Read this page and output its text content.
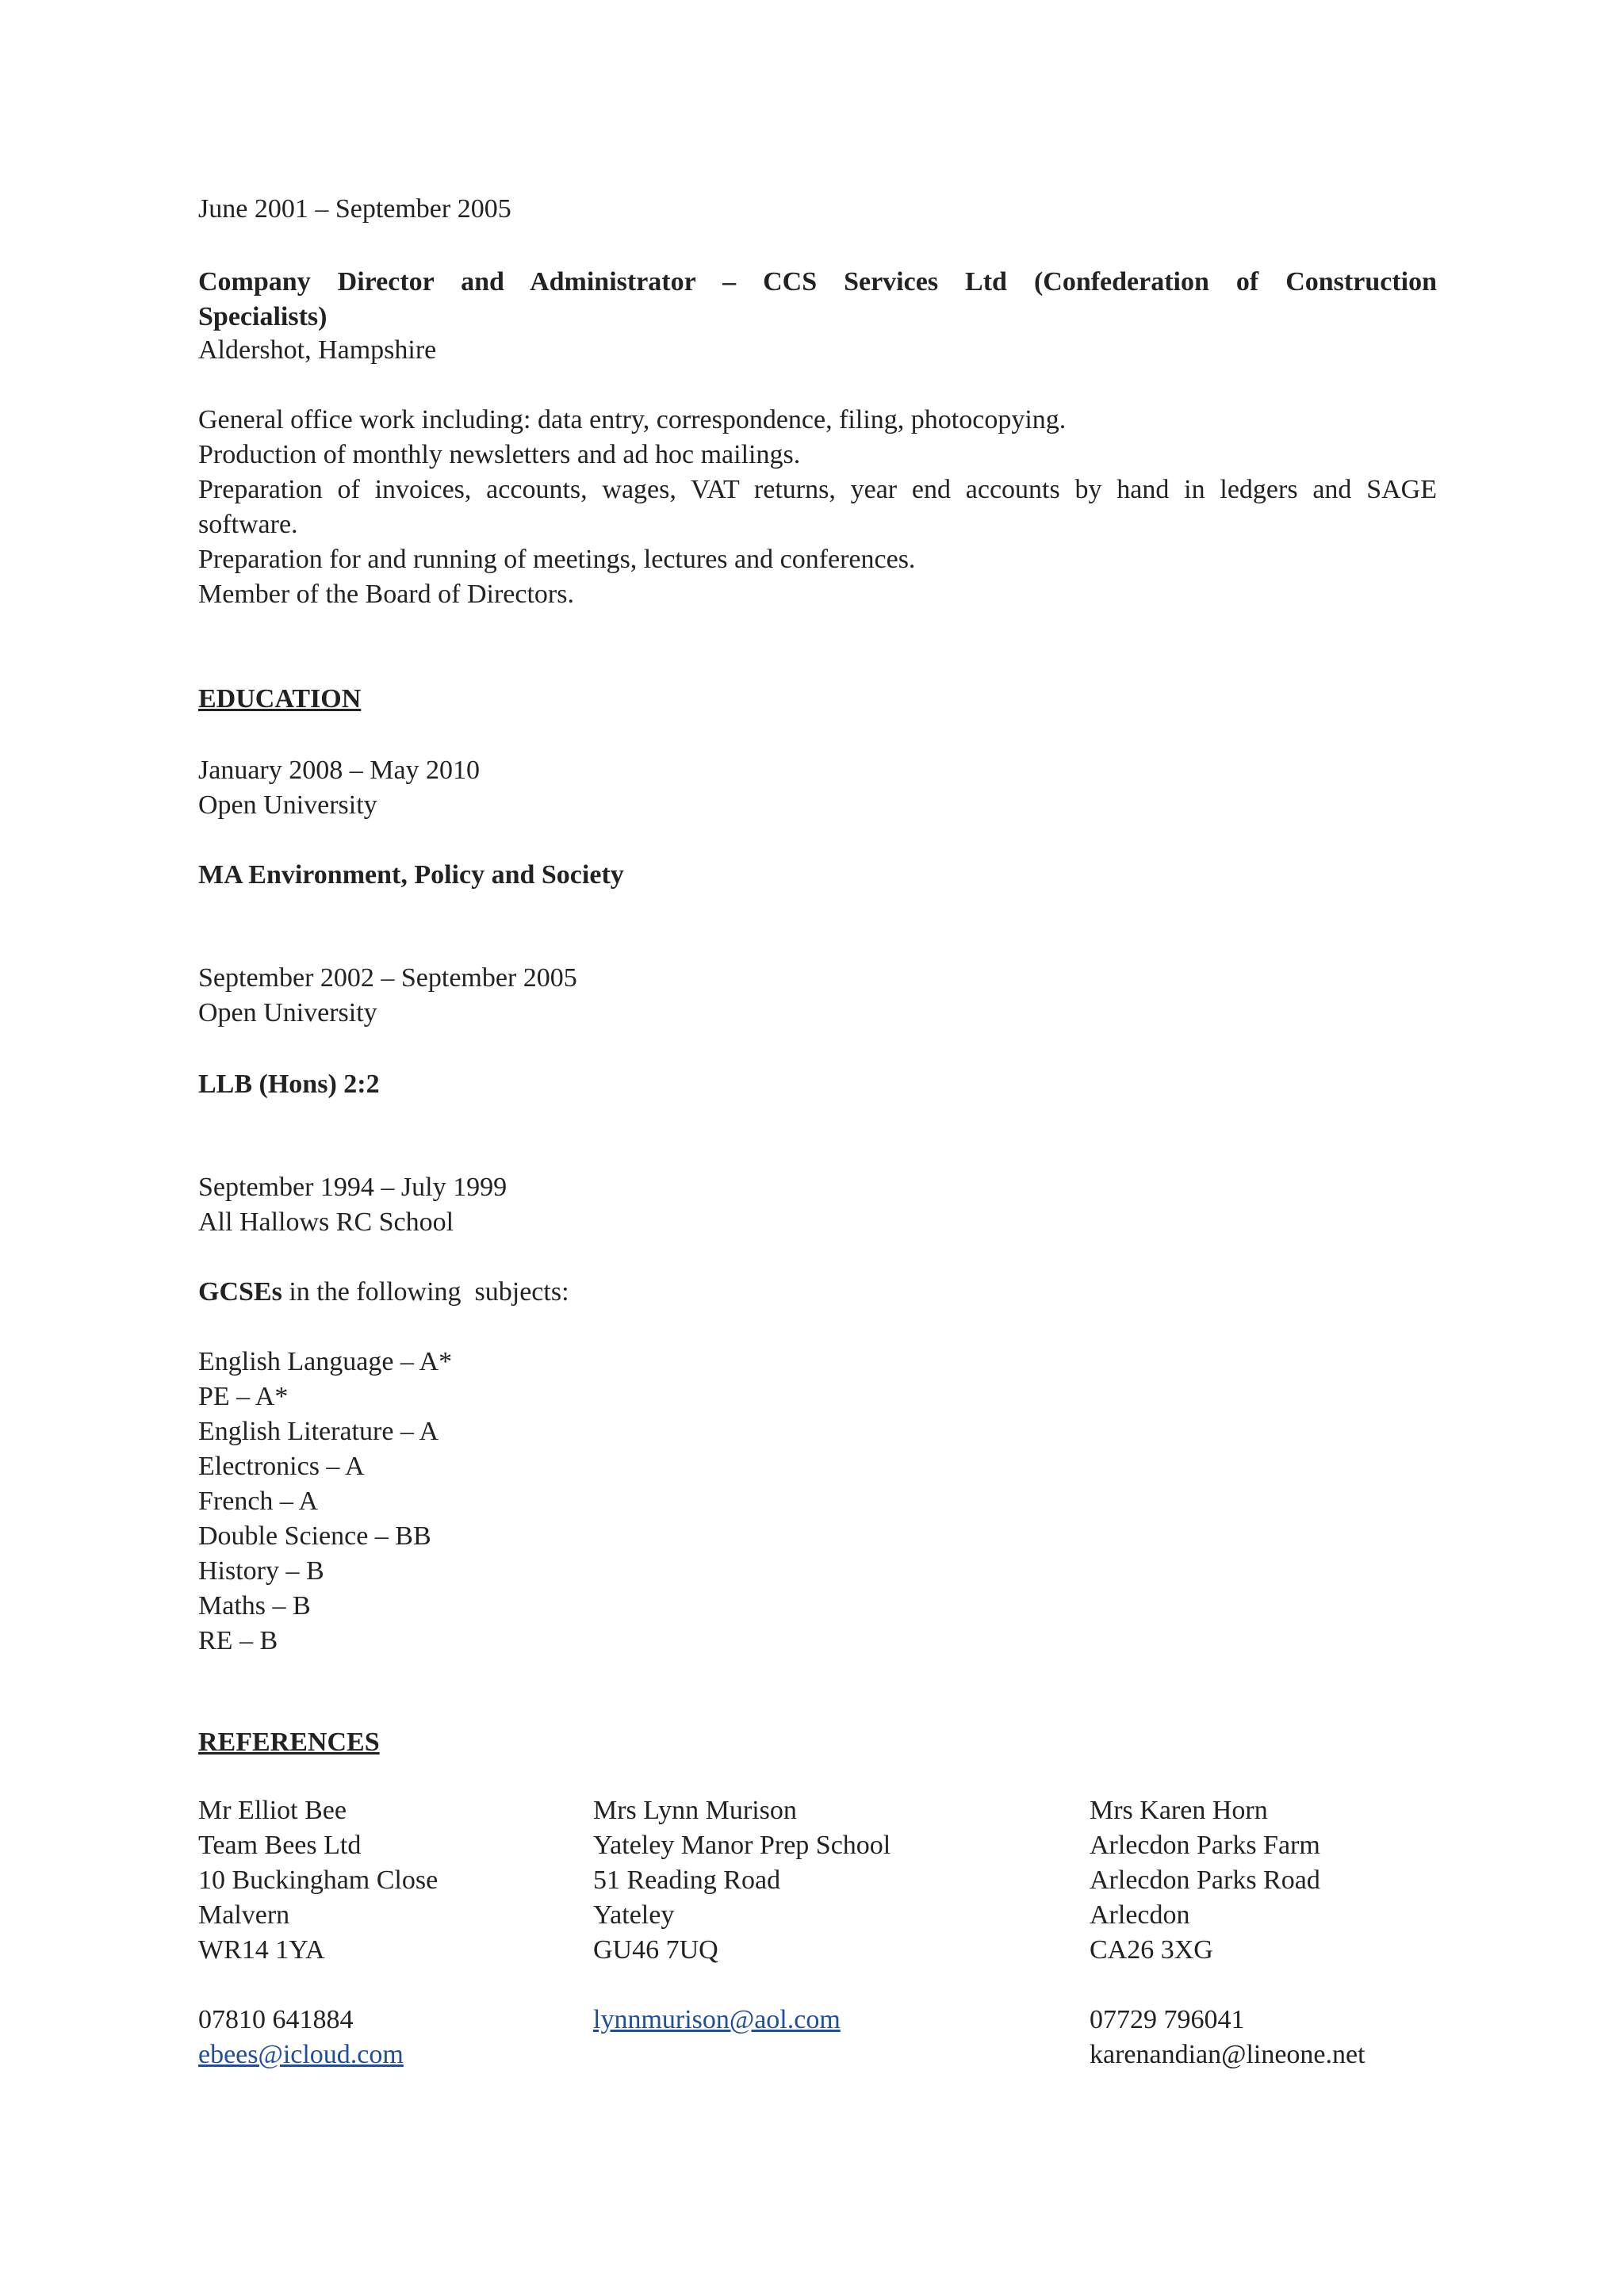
June 2001 – September 2005
Company Director and Administrator – CCS Services Ltd (Confederation of Construction
Specialists)
Aldershot, Hampshire
General office work including: data entry, correspondence, filing, photocopying.
Production of monthly newsletters and ad hoc mailings.
Preparation of invoices, accounts, wages, VAT returns, year end accounts by hand in ledgers and SAGE
software.
Preparation for and running of meetings, lectures and conferences.
Member of the Board of Directors.
EDUCATION
January 2008 – May 2010
Open University
MA Environment, Policy and Society
September 2002 – September 2005
Open University
LLB (Hons) 2:2
September 1994 – July 1999
All Hallows RC School
GCSEs in the following  subjects:
English Language – A*
PE – A*
English Literature – A
Electronics – A
French – A
Double Science – BB
History – B
Maths – B
RE – B
REFERENCES
Mr Elliot Bee
Team Bees Ltd
10 Buckingham Close
Malvern
WR14 1YA
07810 641884
ebees@icloud.com
Mrs Lynn Murison
Yateley Manor Prep School
51 Reading Road
Yateley
GU46 7UQ
lynnmurison@aol.com
Mrs Karen Horn
Arlecdon Parks Farm
Arlecdon Parks Road
Arlecdon
CA26 3XG
07729 796041
karenandian@lineone.net
